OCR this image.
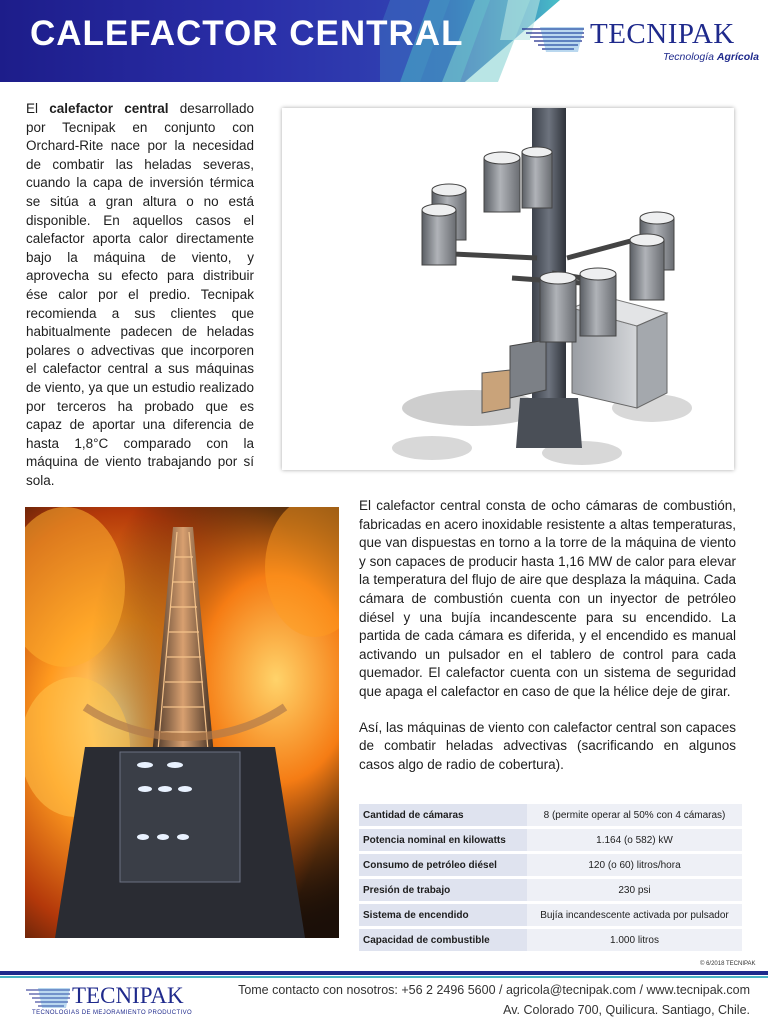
CALEFACTOR CENTRAL	TECNIPAK
Tecnología Agrícola

El calefactor central desarrollado por Tecnipak en conjunto con Orchard-Rite nace por la necesidad de combatir las heladas severas, cuando la capa de inversión térmica se sitúa a gran altura o no está disponible. En aquellos casos el calefactor aporta calor directamente bajo la máquina de viento, y aprovecha su efecto para distribuir ése calor por el predio. Tecnipak recomienda a sus clientes que habitualmente padecen de heladas polares o advectivas que incorporen el calefactor central a sus máquinas de viento, ya que un estudio realizado por terceros ha probado que es capaz de aportar una diferencia de hasta 1,8°C comparado con la máquina de viento trabajando por sí sola.

El calefactor central consta de ocho cámaras de combustión, fabricadas en acero inoxidable resistente a altas temperaturas, que van dispuestas en torno a la torre de la máquina de viento y son capaces de producir hasta 1,16 MW de calor para elevar la temperatura del flujo de aire que desplaza la máquina. Cada cámara de combustión cuenta con un inyector de petróleo diésel y una bujía incandescente para su encendido. La partida de cada cámara es diferida, y el encendido es manual activando un pulsador en el tablero de control para cada quemador. El calefactor cuenta con un sistema de seguridad que apaga el calefactor en caso de que la hélice deje de girar.

Así, las máquinas de viento con calefactor central son capaces de combatir heladas advectivas (sacrificando en algunos casos algo de radio de cobertura).

Cantidad de cámaras	8 (permite operar al 50% con 4 cámaras)
Potencia nominal en kilowatts	1.164 (o 582) kW
Consumo de petróleo diésel	120 (o 60) litros/hora
Presión de trabajo	230 psi
Sistema de encendido	Bujía incandescente activada por pulsador
Capacidad de combustible	1.000 litros
© 6/2018 TECNIPAK
TECNIPAK
TECNOLOGIAS DE MEJORAMIENTO PRODUCTIVO
Tome contacto con nosotros: +56 2 2496 5600 / agricola@tecnipak.com / www.tecnipak.com
Av. Colorado 700, Quilicura. Santiago, Chile.
